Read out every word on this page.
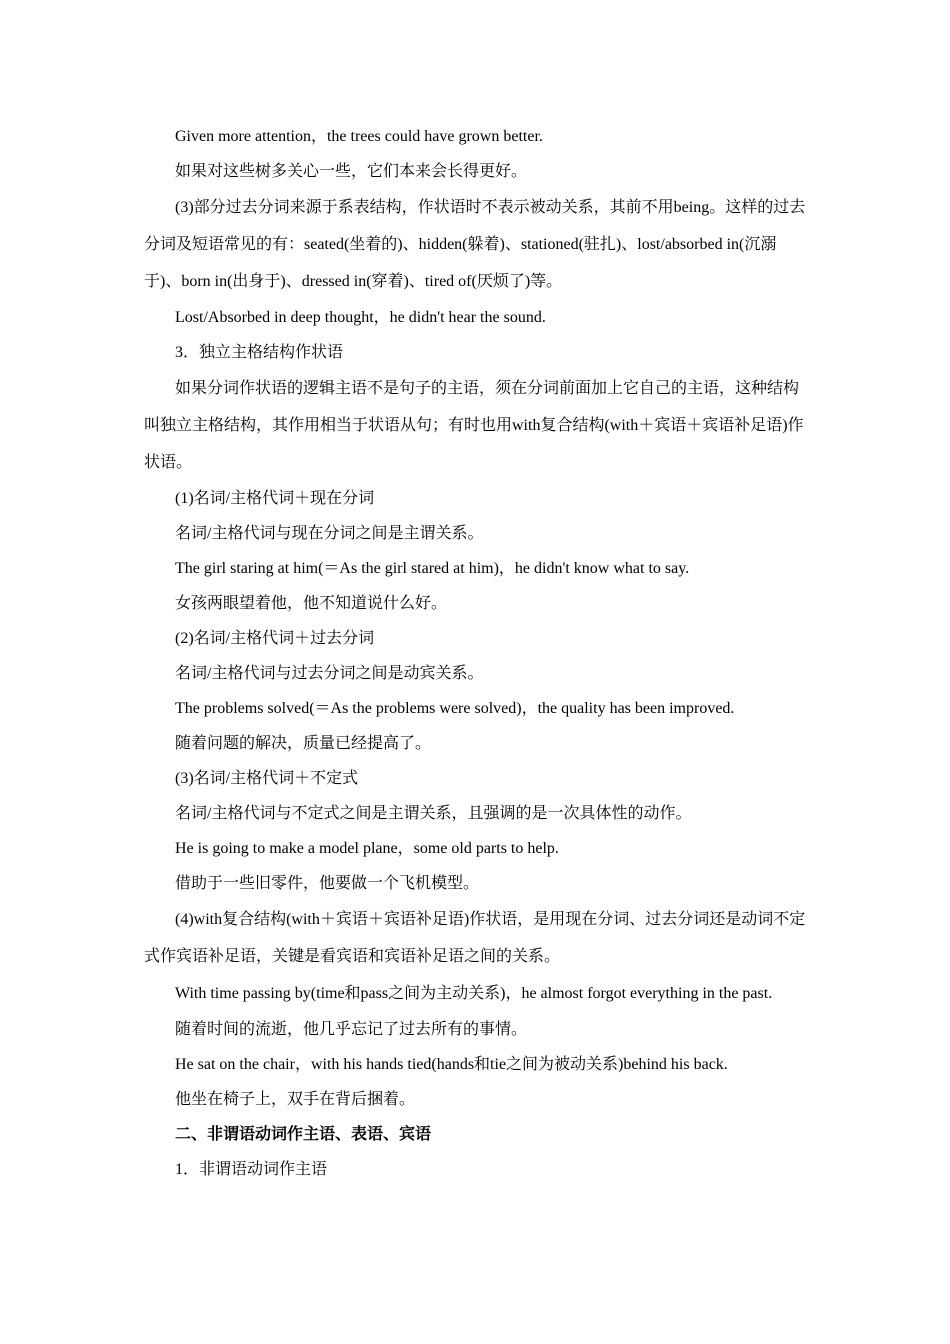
Given more attention，the trees could have grown better.

如果对这些树多关心一些，它们本来会长得更好。

(3)部分过去分词来源于系表结构，作状语时不表示被动关系，其前不用being。这样的过去分词及短语常见的有：seated(坐着的)、hidden(躲着)、stationed(驻扎)、lost/absorbed in(沉溺于)、born in(出身于)、dressed in(穿着)、tired of(厌烦了)等。

Lost/Absorbed in deep thought，he didn't hear the sound.

3．独立主格结构作状语

如果分词作状语的逻辑主语不是句子的主语，须在分词前面加上它自己的主语，这种结构叫独立主格结构，其作用相当于状语从句；有时也用with复合结构(with＋宾语＋宾语补足语)作状语。

(1)名词/主格代词＋现在分词

名词/主格代词与现在分词之间是主谓关系。

The girl staring at him(＝As the girl stared at him)，he didn't know what to say.

女孩两眼望着他，他不知道说什么好。

(2)名词/主格代词＋过去分词

名词/主格代词与过去分词之间是动宾关系。

The problems solved(＝As the problems were solved)，the quality has been improved.

随着问题的解决，质量已经提高了。

(3)名词/主格代词＋不定式

名词/主格代词与不定式之间是主谓关系，且强调的是一次具体性的动作。

He is going to make a model plane，some old parts to help.

借助于一些旧零件，他要做一个飞机模型。

(4)with复合结构(with＋宾语＋宾语补足语)作状语，是用现在分词、过去分词还是动词不定式作宾语补足语，关键是看宾语和宾语补足语之间的关系。

With time passing by(time和pass之间为主动关系)，he almost forgot everything in the past.

随着时间的流逝，他几乎忘记了过去所有的事情。

He sat on the chair，with his hands tied(hands和tie之间为被动关系)behind his back.

他坐在椅子上，双手在背后捆着。

二、非谓语动词作主语、表语、宾语

1．非谓语动词作主语
